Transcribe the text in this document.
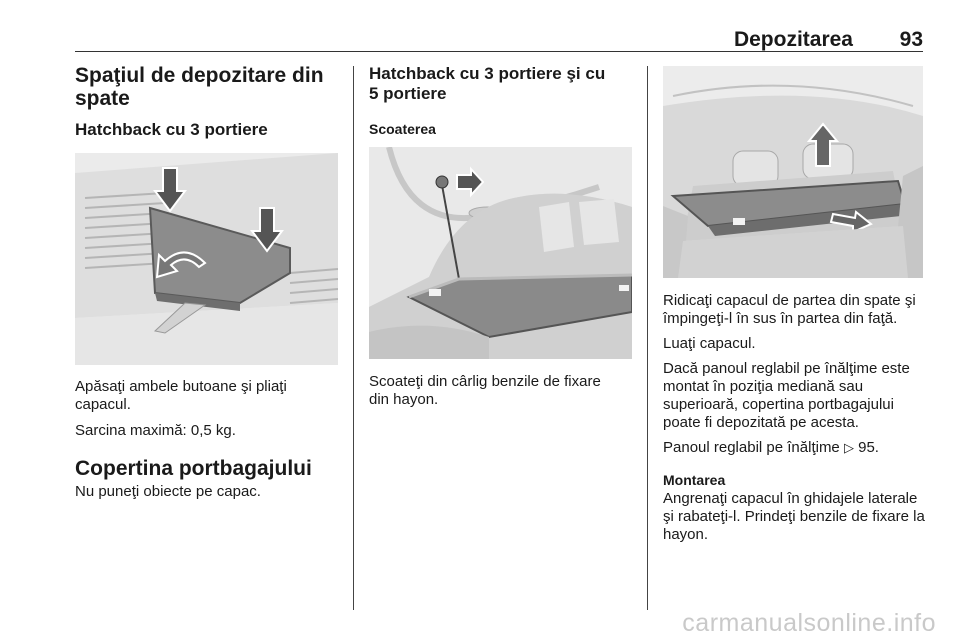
Depozitarea 93
Spaţiul de depozitare din spate
Hatchback cu 3 portiere

Apăsaţi ambele butoane şi pliaţi capacul.

Sarcina maximă: 0,5 kg.

Copertina portbagajului

Nu puneţi obiecte pe capac.

Hatchback cu 3 portiere şi cu 5 portiere
Scoaterea

Scoateţi din cârlig benzile de fixare din hayon.

Ridicaţi capacul de partea din spate şi împingeţi-l în sus în partea din faţă.

Luaţi capacul.

Dacă panoul reglabil pe înălţime este montat în poziţia mediană sau superioară, copertina portbagajului poate fi depozitată pe acesta.

Panoul reglabil pe înălţime ▷ 95.

Montarea

Angrenaţi capacul în ghidajele laterale şi rabateţi-l. Prindeţi benzile de fixare la hayon.

carmanualsonline.info
